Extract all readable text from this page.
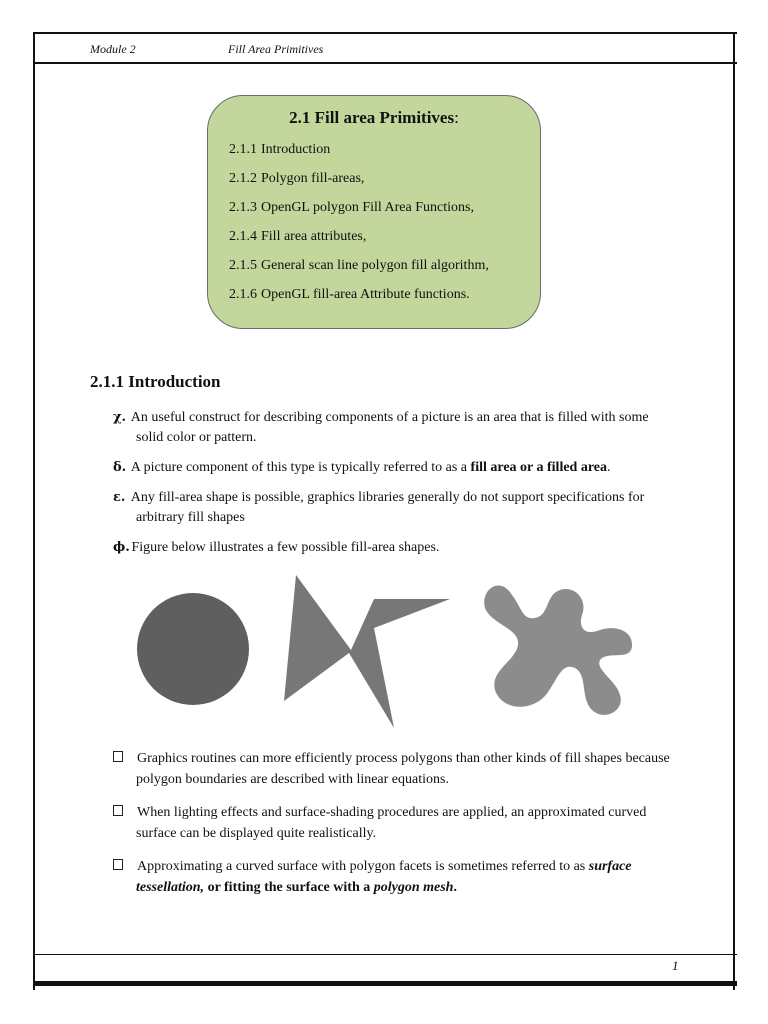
Module 2	Fill Area Primitives
2.1 Fill area Primitives:
2.1.1 Introduction
2.1.2 Polygon fill-areas,
2.1.3 OpenGL polygon Fill Area Functions,
2.1.4 Fill area attributes,
2.1.5 General scan line polygon fill algorithm,
2.1.6 OpenGL fill-area Attribute functions.
2.1.1 Introduction
χ. An useful construct for describing components of a picture is an area that is filled with some solid color or pattern.
δ. A picture component of this type is typically referred to as a fill area or a filled area.
ε. Any fill-area shape is possible, graphics libraries generally do not support specifications for arbitrary fill shapes
ϕ. Figure below illustrates a few possible fill-area shapes.
Graphics routines can more efficiently process polygons than other kinds of fill shapes because polygon boundaries are described with linear equations.
When lighting effects and surface-shading procedures are applied, an approximated curved surface can be displayed quite realistically.
Approximating a curved surface with polygon facets is sometimes referred to as surface tessellation, or fitting the surface with a polygon mesh.
1
